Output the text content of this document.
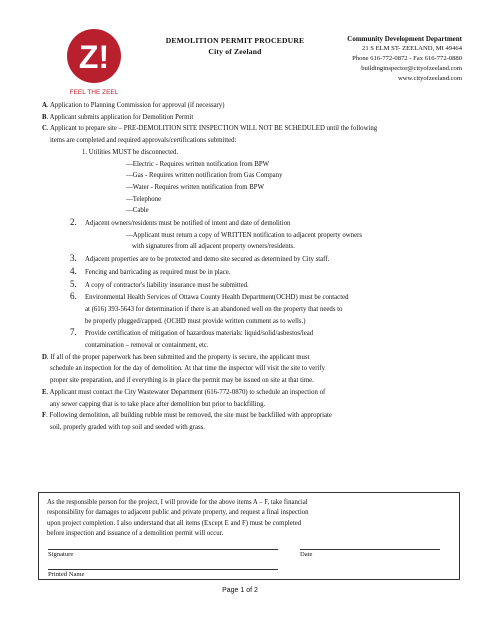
Z!
FEEL THE ZEEL
DEMOLITION PERMIT PROCEDURE
City of Zeeland
Community Development Department
21 S ELM ST- ZEELAND, MI 49464
Phone 616-772-0872 - Fax 616-772-0880
buildinginspector@cityofzeeland.com
www.cityofzeeland.com
A. Application to Planning Commission for approval (if necessary)
B. Applicant submits application for Demolition Permit
C. Applicant to prepare site – PRE-DEMOLITION SITE INSPECTION WILL NOT BE SCHEDULED until the following
items are completed and required approvals/certifications submitted:
1. Utilities MUST be disconnected.
—Electric - Requires written notification from BPW
—Gas - Requires written notification from Gas Company
—Water - Requires written notification from BPW
—Telephone
—Cable
2. Adjacent owners/residents must be notified of intent and date of demolition
—Applicant must return a copy of WRITTEN notification to adjacent property owners
with signatures from all adjacent property owners/residents.
3. Adjacent properties are to be protected and demo site secured as determined by City staff.
4. Fencing and barricading as required must be in place.
5. A copy of contractor's liability insurance must be submitted.
6. Environmental Health Services of Ottawa County Health Department(OCHD) must be contacted
at (616) 393-5643 for determination if there is an abandoned well on the property that needs to
be properly plugged/capped. (OCHD must provide written comment as to wells.)
7. Provide certification of mitigation of hazardous materials: liquid/solid/asbestos/lead
contamination – removal or containment, etc.
D. If all of the proper paperwork has been submitted and the property is secure, the applicant must
schedule an inspection for the day of demolition. At that time the inspector will visit the site to verify
proper site preparation, and if everything is in place the permit may be issued on site at that time.
E. Applicant must contact the City Wastewater Department (616-772-0870) to schedule an inspection of
any sewer capping that is to take place after demolition but prior to backfilling.
F. Following demolition, all building rubble must be removed, the site must be backfilled with appropriate
soil, properly graded with top soil and seeded with grass.
As the responsible person for the project, I will provide for the above items A – F, take financial
responsibility for damages to adjacent public and private property, and request a final inspection
upon project completion. I also understand that all items (Except E and F) must be completed
before inspection and issuance of a demolition permit will occur.
Signature	Date
Printed Name
Page 1 of 2
